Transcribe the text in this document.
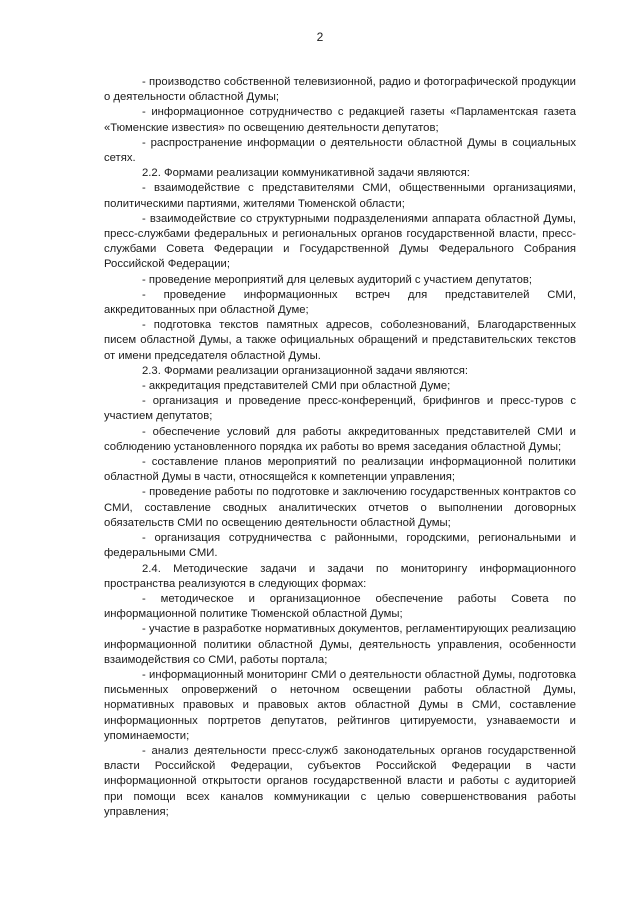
2

- производство собственной телевизионной, радио и фотографической продукции о деятельности областной Думы;

- информационное сотрудничество с редакцией газеты «Парламентская газета «Тюменские известия» по освещению деятельности депутатов;

- распространение информации о деятельности областной Думы в социальных сетях.

2.2. Формами реализации коммуникативной задачи являются:

- взаимодействие с представителями СМИ, общественными организациями, политическими партиями, жителями Тюменской области;

- взаимодействие со структурными подразделениями аппарата областной Думы, пресс-службами федеральных и региональных органов государственной власти, пресс-службами Совета Федерации и Государственной Думы Федерального Собрания Российской Федерации;

- проведение мероприятий для целевых аудиторий с участием депутатов;

- проведение информационных встреч для представителей СМИ, аккредитованных при областной Думе;

- подготовка текстов памятных адресов, соболезнований, Благодарственных писем областной Думы, а также официальных обращений и представительских текстов от имени председателя областной Думы.

2.3. Формами реализации организационной задачи являются:

- аккредитация представителей СМИ при областной Думе;

- организация и проведение пресс-конференций, брифингов и пресс-туров с участием депутатов;

- обеспечение условий для работы аккредитованных представителей СМИ и соблюдению установленного порядка их работы во время заседания областной Думы;

- составление планов мероприятий по реализации информационной политики областной Думы в части, относящейся к компетенции управления;

- проведение работы по подготовке и заключению государственных контрактов со СМИ, составление сводных аналитических отчетов о выполнении договорных обязательств СМИ по освещению деятельности областной Думы;

- организация сотрудничества с районными, городскими, региональными и федеральными СМИ.

2.4. Методические задачи и задачи по мониторингу информационного пространства реализуются в следующих формах:

- методическое и организационное обеспечение работы Совета по информационной политике Тюменской областной Думы;

- участие в разработке нормативных документов, регламентирующих реализацию информационной политики областной Думы, деятельность управления, особенности взаимодействия со СМИ, работы портала;

- информационный мониторинг СМИ о деятельности областной Думы, подготовка письменных опровержений о неточном освещении работы областной Думы, нормативных правовых и правовых актов областной Думы в СМИ, составление информационных портретов депутатов, рейтингов цитируемости, узнаваемости и упоминаемости;

- анализ деятельности пресс-служб законодательных органов государственной власти Российской Федерации, субъектов Российской Федерации в части информационной открытости органов государственной власти и работы с аудиторией при помощи всех каналов коммуникации с целью совершенствования работы управления;
